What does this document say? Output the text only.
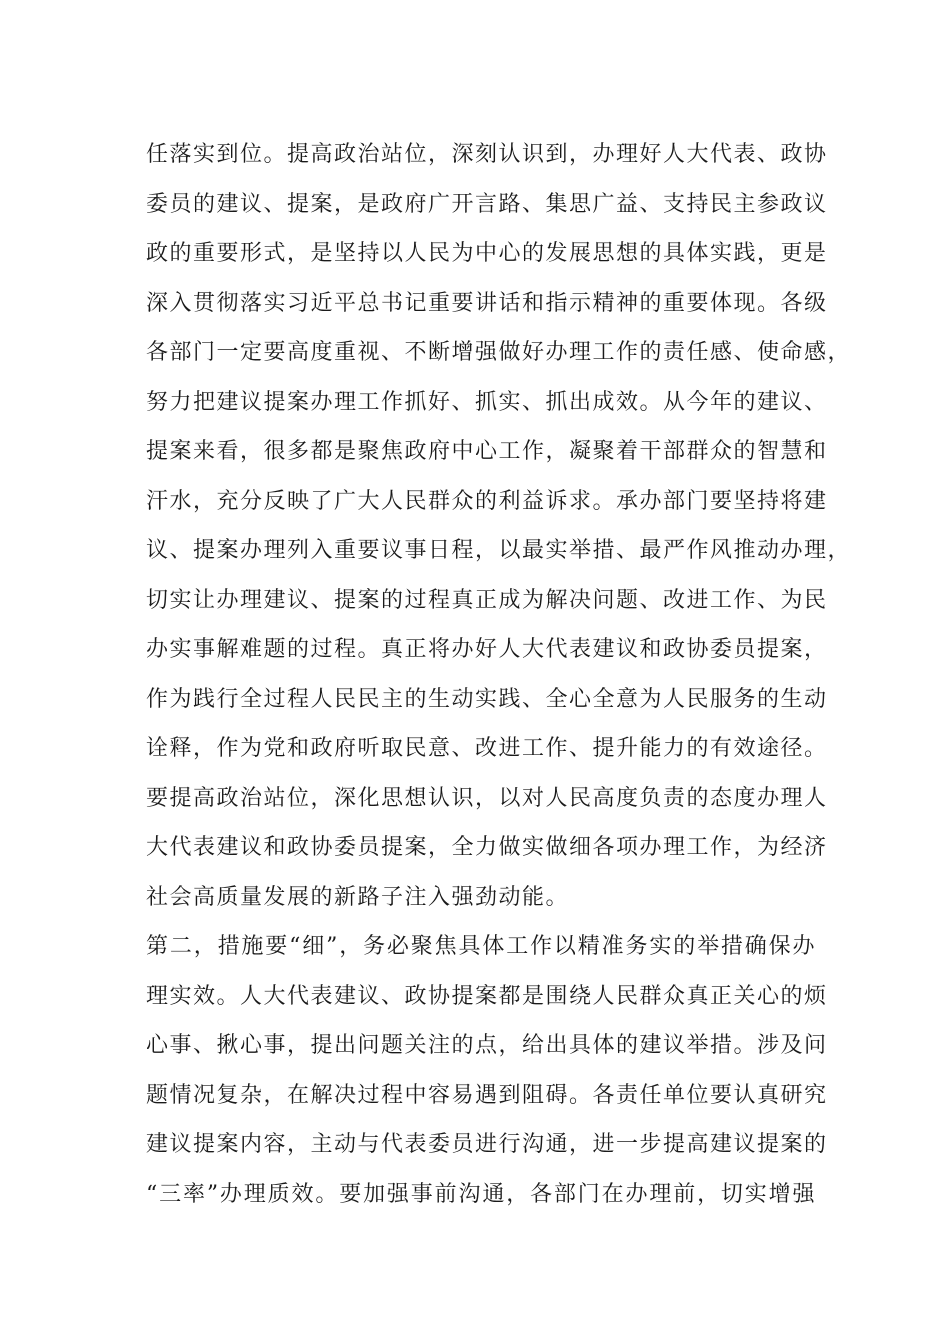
任落实到位。提高政治站位，深刻认识到，办理好人大代表、政协
委员的建议、提案，是政府广开言路、集思广益、支持民主参政议
政的重要形式，是坚持以人民为中心的发展思想的具体实践，更是
深入贯彻落实习近平总书记重要讲话和指示精神的重要体现。各级
各部门一定要高度重视、不断增强做好办理工作的责任感、使命感，
努力把建议提案办理工作抓好、抓实、抓出成效。从今年的建议、
提案来看，很多都是聚焦政府中心工作，凝聚着干部群众的智慧和
汗水，充分反映了广大人民群众的利益诉求。承办部门要坚持将建
议、提案办理列入重要议事日程，以最实举措、最严作风推动办理，
切实让办理建议、提案的过程真正成为解决问题、改进工作、为民
办实事解难题的过程。真正将办好人大代表建议和政协委员提案，
作为践行全过程人民民主的生动实践、全心全意为人民服务的生动
诠释，作为党和政府听取民意、改进工作、提升能力的有效途径。
要提高政治站位，深化思想认识，以对人民高度负责的态度办理人
大代表建议和政协委员提案，全力做实做细各项办理工作，为经济
社会高质量发展的新路子注入强劲动能。
第二，措施要“细”，务必聚焦具体工作以精准务实的举措确保办
理实效。人大代表建议、政协提案都是围绕人民群众真正关心的烦
心事、揪心事，提出问题关注的点，给出具体的建议举措。涉及问
题情况复杂，在解决过程中容易遇到阻碍。各责任单位要认真研究
建议提案内容，主动与代表委员进行沟通，进一步提高建议提案的
“三率”办理质效。要加强事前沟通，各部门在办理前，切实增强
